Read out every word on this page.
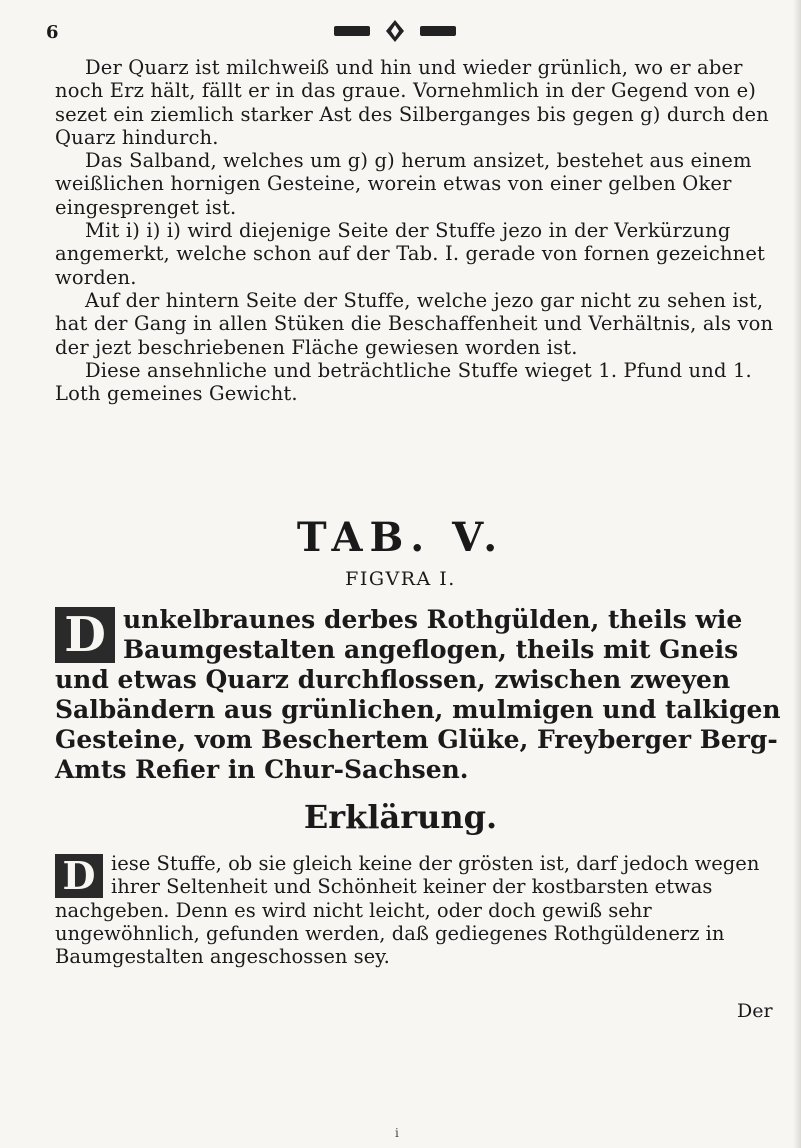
6

Der Quarz ist milchweiß und hin und wieder grünlich, wo er aber noch Erz hält, fällt er in das graue. Vornehmlich in der Gegend von e) sezet ein ziemlich starker Ast des Silberganges bis gegen g) durch den Quarz hindurch.

Das Salband, welches um g) g) herum ansizet, bestehet aus einem weißlichen hornigen Gesteine, worein etwas von einer gelben Oker eingesprenget ist.

Mit i) i) i) wird diejenige Seite der Stuffe jezo in der Verkürzung angemerkt, welche schon auf der Tab. I. gerade von fornen gezeichnet worden.

Auf der hintern Seite der Stuffe, welche jezo gar nicht zu sehen ist, hat der Gang in allen Stüken die Beschaffenheit und Verhältnis, als von der jezt beschriebenen Fläche gewiesen worden ist.

Diese ansehnliche und beträchtliche Stuffe wieget 1. Pfund und 1. Loth gemeines Gewicht.

TAB. V.
FIGVRA I.
D unkelbraunes derbes Rothgülden, theils wie Baumgestalten angeflogen, theils mit Gneis und etwas Quarz durchflossen, zwischen zweyen Salbändern aus grünlichen, mulmigen und talkigen Gesteine, vom Beschertem Glüke, Freyberger Berg-Amts Refier in Chur-Sachsen.
Erklärung.
D iese Stuffe, ob sie gleich keine der grösten ist, darf jedoch wegen ihrer Seltenheit und Schönheit keiner der kostbarsten etwas nachgeben. Denn es wird nicht leicht, oder doch gewiß sehr ungewöhnlich, gefunden werden, daß gediegenes Rothgüldenerz in Baumgestalten angeschossen sey.
Der
i
